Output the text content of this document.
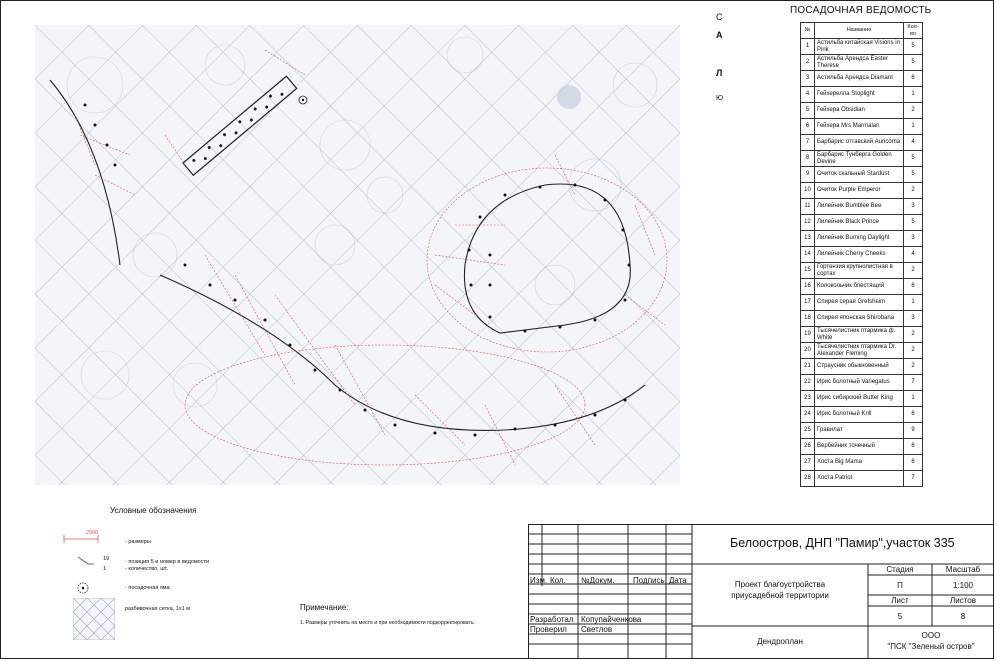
С
А
Л
Ю
ПОСАДОЧНАЯ ВЕДОМОСТЬ
№	Название	Кол-во
1	Астильба китайская Visions in Pink	5
2	Астильба Арендса Easter Therese	5
3	Астильба Арендса Diamant	6
4	Гейхерелла Stoplight	1
5	Гейхера Obsidian	2
6	Гейхера Mrs Marmalan	1
7	Барбарис оттавский Auricoma	4
8	Барбарис Тунберга Golden Devine	5
9	Очиток скальный Stardust	5
10	Очиток Purple Emperor	2
11	Лилейник Bumblee Bee	3
12	Лилейник Black Prince	5
13	Лилейник Burning Daylight	3
14	Лилейник Cherry Cheeks	4
15	Гортензия крупнолистная в сортах	2
16	Колокольчик блестящий	6
17	Спирея серая Grefsheim	1
18	Спирея японская Shirobana	3
19	Тысячелистник птармика ф. White	2
20	Тысячелистник птармика Dr. Alexander Fleming	2
21	Страусник обыкновенный	2
22	Ирис болотный Variegatus	7
23	Ирис сибирский Butter King	1
24	Ирис болотный Krill	6
25	Гравилат	9
26	Вербейник точечный	6
27	Хоста Big Mama	6
28	Хоста Patriot	7
Условные обозначения
2000
- размеры
19
1
- позиция 5 и номер в ведомости
- количество, шт.
- посадочная яма
разбивочная сетка, 1х1 м	Примечание:
1. Размеры уточнить на месте и при необходимости подкорректировать.
Белоостров, ДНП "Памир",участок 335
Изм. Кол. №Докум. Подпись Дата
Разработал Копупайченкова
Проверил Светлов
Проект благоустройства
приусадебной территории
Дендроплан
Стадия
П
Масштаб
1:100
Лист
5
Листов
8
ООО
"ПСК "Зеленый остров"
